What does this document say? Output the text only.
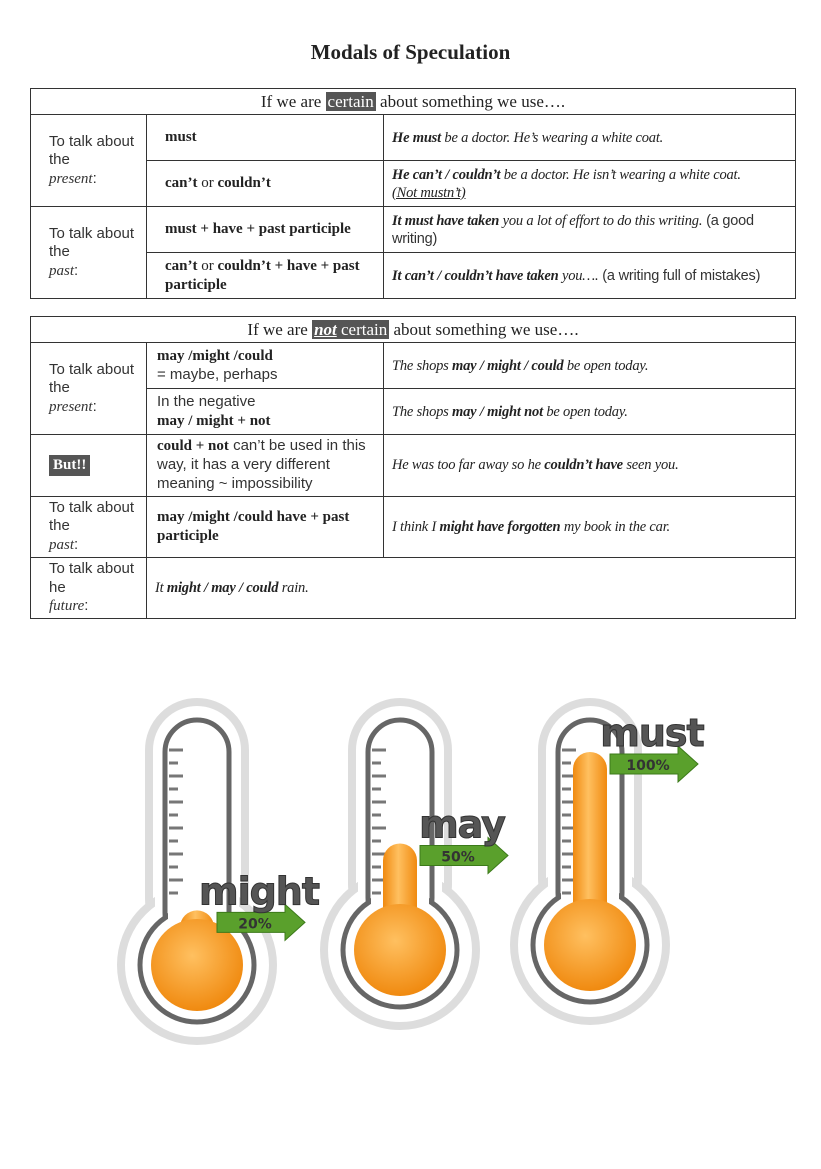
Modals of Speculation
If we are certain about something we use….		
To talk about the
present:	must	He must be a doctor. He’s wearing a white coat.
	can’t or couldn’t	He can’t / couldn’t be a doctor. He isn’t wearing a white coat.
(Not mustn’t)
To talk about the
past:	must + have + past participle	It must have taken you a lot of effort to do this writing. (a good writing)
	can’t or couldn’t + have + past participle	It can’t / couldn’t have taken you…. (a writing full of mistakes)
If we are not certain about something we use….		
To talk about the
present:	may /might /could
= maybe, perhaps	The shops may / might / could be open today.
	In the negative
may / might + not	The shops may / might not be open today.
But!!	could + not can’t be used in this way, it has a very different meaning ~ impossibility	He was too far away so he couldn’t have seen you.
To talk about the
past:	may /might /could have + past participle	I think I might have forgotten my book in the car.
To talk about he
future:	It might / may / could rain.	
20%
might
50%
may
100%
must
